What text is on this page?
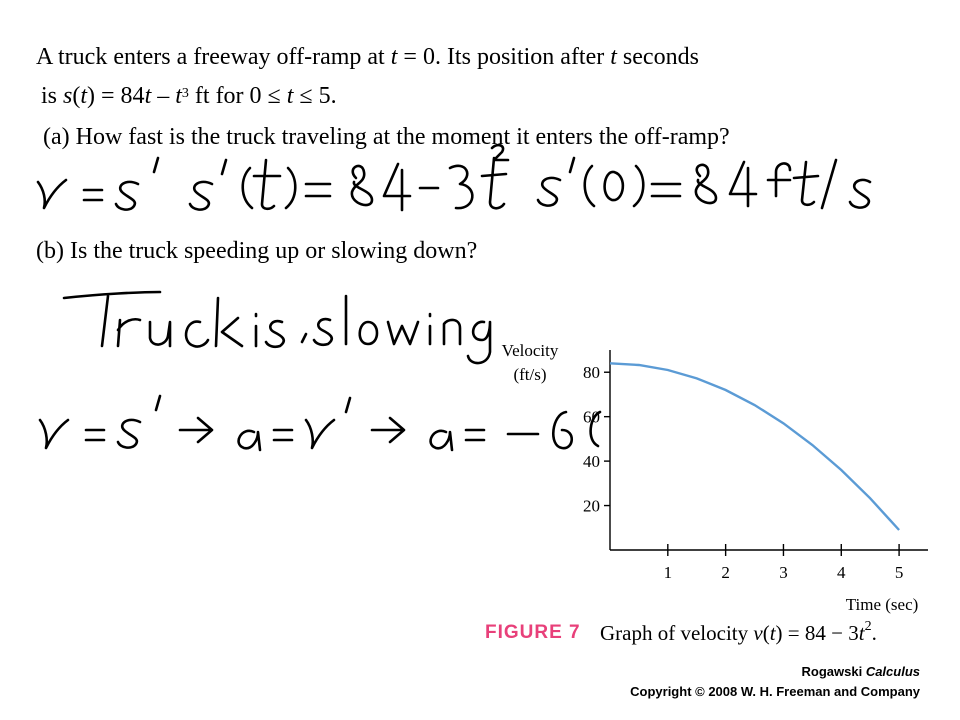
A truck enters a freeway off-ramp at t = 0. Its position after t seconds
is $s(t) = 84t - t^3$ ft for 0 ≤ t ≤ 5.
(a) How fast is the truck traveling at the moment it enters the off-ramp?
(b) Is the truck speeding up or slowing down?
Velocity
(ft/s)
20
40
60
80
1	2	3	4	5
Time (sec)
FIGURE 7 Graph of velocity $v(t) = 84 - 3t^2$.
Rogawski Calculus
Copyright © 2008 W. H. Freeman and Company
